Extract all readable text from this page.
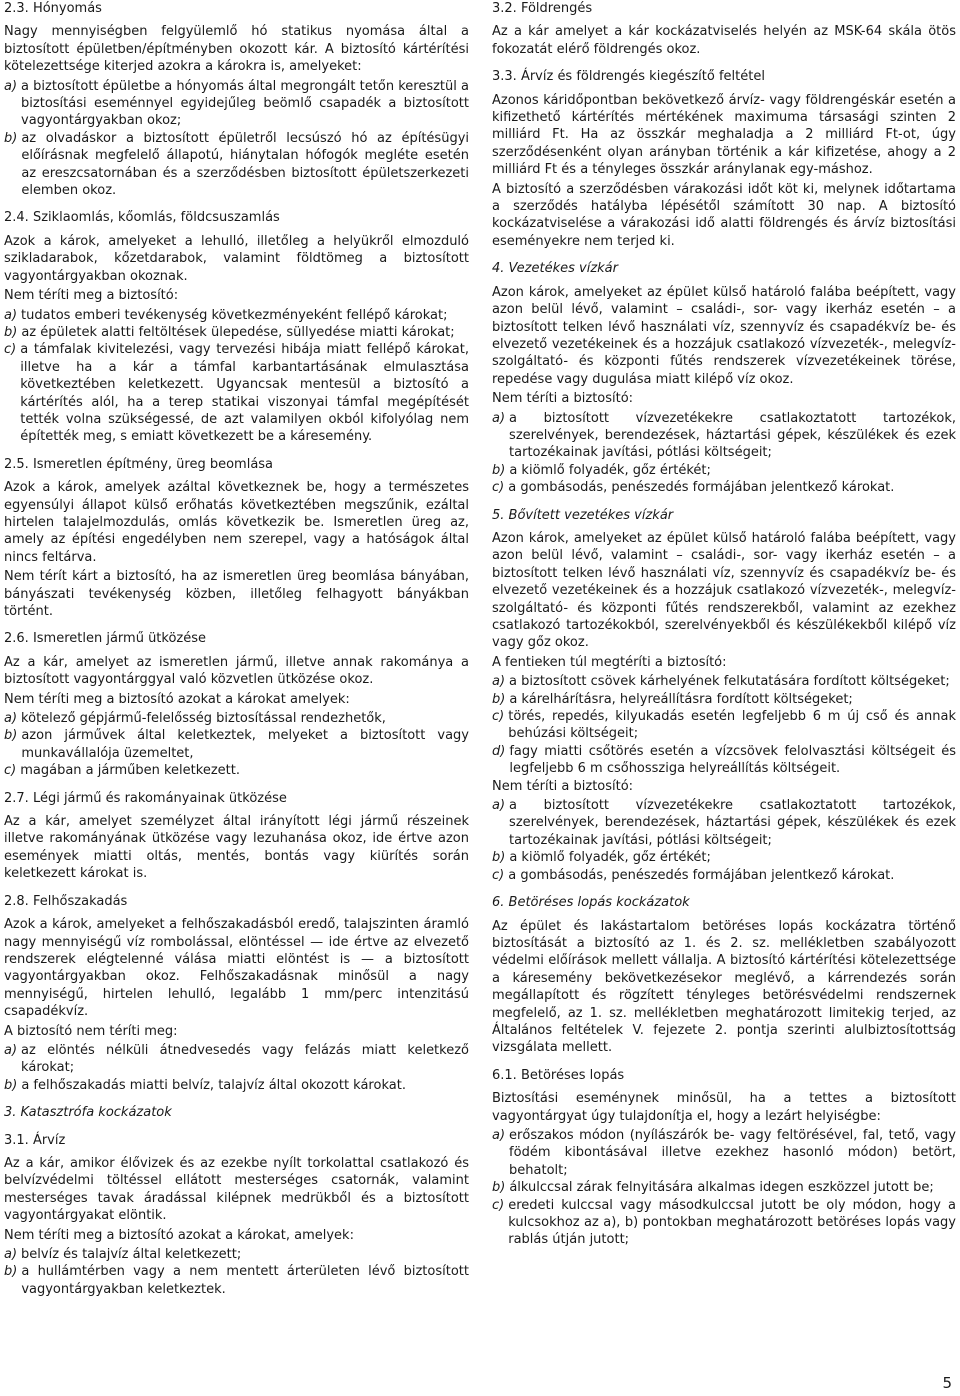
2.3. Hónyomás

Nagy mennyiségben felgyülemlő hó statikus nyomása által a biztosított épületben/építményben okozott kár. A biztosító kártérítési kötelezettsége kiterjed azokra a károkra is, amelyeket:

a) a biztosított épületbe a hónyomás által megrongált tetőn keresztül a biztosítási eseménnyel egyidejűleg beömlő csapadék a biztosított vagyontárgyakban okoz;
b) az olvadáskor a biztosított épületről lecsúszó hó az építésügyi előírásnak megfelelő állapotú, hiánytalan hófogók megléte esetén az ereszcsatornában és a szerződésben biztosított épületszerkezeti elemben okoz.
2.4. Sziklaomlás, kőomlás, földcsuszamlás

Azok a károk, amelyeket a lehulló, illetőleg a helyükről elmozduló szikladarabok, kőzetdarabok, valamint földtömeg a biztosított vagyontárgyakban okoznak.

Nem téríti meg a biztosító:

a) tudatos emberi tevékenység következményeként fellépő károkat;
b) az épületek alatti feltöltések ülepedése, süllyedése miatti károkat;
c) a támfalak kivitelezési, vagy tervezési hibája miatt fellépő károkat, illetve ha a kár a támfal karbantartásának elmulasztása következtében keletkezett. Ugyancsak mentesül a biztosító a kártérítés alól, ha a terep statikai viszonyai támfal megépítését tették volna szükségessé, de azt valamilyen okból kifolyólag nem építették meg, s emiatt következett be a káresemény.
2.5. Ismeretlen építmény, üreg beomlása

Azok a károk, amelyek azáltal következnek be, hogy a természetes egyensúlyi állapot külső erőhatás következtében megszűnik, ezáltal hirtelen talajelmozdulás, omlás következik be. Ismeretlen üreg az, amely az építési engedélyben nem szerepel, vagy a hatóságok által nincs feltárva.

Nem térít kárt a biztosító, ha az ismeretlen üreg beomlása bányában, bányászati tevékenység közben, illetőleg felhagyott bányákban történt.

2.6. Ismeretlen jármű ütközése

Az a kár, amelyet az ismeretlen jármű, illetve annak rakománya a biztosított vagyontárggyal való közvetlen ütközése okoz.

Nem téríti meg a biztosító azokat a károkat amelyek:

a) kötelező gépjármű-felelősség biztosítással rendezhetők,
b) azon járművek által keletkeztek, melyeket a biztosított vagy munkavállalója üzemeltet,
c) magában a járműben keletkezett.
2.7. Légi jármű és rakományainak ütközése

Az a kár, amelyet személyzet által irányított légi jármű részeinek illetve rakományának ütközése vagy lezuhanása okoz, ide értve azon események miatti oltás, mentés, bontás vagy kiürítés során keletkezett károkat is.

2.8. Felhőszakadás

Azok a károk, amelyeket a felhőszakadásból eredő, talajszinten áramló nagy mennyiségű víz rombolással, elöntéssel — ide értve az elvezető rendszerek elégtelenné válása miatti elöntést is — a biztosított vagyontárgyakban okoz. Felhőszakadásnak minősül a nagy mennyiségű, hirtelen lehulló, legalább 1 mm/perc intenzitású csapadékvíz.

A biztosító nem téríti meg:

a) az elöntés nélküli átnedvesedés vagy felázás miatt keletkező károkat;
b) a felhőszakadás miatti belvíz, talajvíz által okozott károkat.
3. Katasztrófa kockázatok
3.1. Árvíz

Az a kár, amikor élővizek és az ezekbe nyílt torkolattal csatlakozó és belvízvédelmi töltéssel ellátott mesterséges csatornák, valamint mesterséges tavak áradással kilépnek medrükből és a biztosított vagyontárgyakat elöntik.

Nem téríti meg a biztosító azokat a károkat, amelyek:

a) belvíz és talajvíz által keletkezett;
b) a hullámtérben vagy a nem mentett árterületen lévő biztosított vagyontárgyakban keletkeztek.
3.2. Földrengés

Az a kár amelyet a kár kockázatviselés helyén az MSK-64 skála ötös fokozatát elérő földrengés okoz.

3.3. Árvíz és földrengés kiegészítő feltétel

Azonos káridőpontban bekövetkező árvíz- vagy földrengéskár esetén a kifizethető kártérítés mértékének maximuma társasági szinten 2 milliárd Ft. Ha az összkár meghaladja a 2 milliárd Ft-ot, úgy szerződésenként olyan arányban történik a kár kifizetése, ahogy a 2 milliárd Ft és a tényleges összkár aránylanak egy-máshoz.

A biztosító a szerződésben várakozási időt köt ki, melynek időtartama a szerződés hatályba lépésétől számított 30 nap. A biztosító kockázatviselése a várakozási idő alatti földrengés és árvíz biztosítási eseményekre nem terjed ki.

4. Vezetékes vízkár

Azon károk, amelyeket az épület külső határoló falába beépített, vagy azon belül lévő, valamint – családi-, sor- vagy ikerház esetén – a biztosított telken lévő használati víz, szennyvíz és csapadékvíz be- és elvezető vezetékeinek és a hozzájuk csatlakozó vízvezeték-, melegvíz-szolgáltató- és központi fűtés rendszerek vízvezetékeinek törése, repedése vagy dugulása miatt kilépő víz okoz.

Nem téríti a biztosító:

a) a biztosított vízvezetékekre csatlakoztatott tartozékok, szerelvények, berendezések, háztartási gépek, készülékek és ezek tartozékainak javítási, pótlási költségeit;
b) a kiömlő folyadék, gőz értékét;
c) a gombásodás, penészedés formájában jelentkező károkat.
5. Bővített vezetékes vízkár

Azon károk, amelyeket az épület külső határoló falába beépített, vagy azon belül lévő, valamint – családi-, sor- vagy ikerház esetén – a biztosított telken lévő használati víz, szennyvíz és csapadékvíz be- és elvezető vezetékeinek és a hozzájuk csatlakozó vízvezeték-, melegvíz-szolgáltató- és központi fűtés rendszerekből, valamint az ezekhez csatlakozó tartozékokból, szerelvényekből és készülékekből kilépő víz vagy gőz okoz.

A fentieken túl megtéríti a biztosító:

a) a biztosított csövek kárhelyének felkutatására fordított költségeket;
b) a kárelhárításra, helyreállításra fordított költségeket;
c) törés, repedés, kilyukadás esetén legfeljebb 6 m új cső és annak behúzási költségeit;
d) fagy miatti csőtörés esetén a vízcsövek felolvasztási költségeit és legfeljebb 6 m csőhossziga helyreállítás költségeit.

Nem téríti a biztosító:

a) a biztosított vízvezetékekre csatlakoztatott tartozékok, szerelvények, berendezések, háztartási gépek, készülékek és ezek tartozékainak javítási, pótlási költségeit;
b) a kiömlő folyadék, gőz értékét;
c) a gombásodás, penészedés formájában jelentkező károkat.
6. Betöréses lopás kockázatok

Az épület és lakástartalom betöréses lopás kockázatra történő biztosítását a biztosító az 1. és 2. sz. mellékletben szabályozott védelmi előírások mellett vállalja. A biztosító kártérítési kötelezettsége a káresemény bekövetkezésekor meglévő, a kárrendezés során megállapított és rögzített tényleges betörésvédelmi rendszernek megfelelő, az 1. sz. mellékletben meghatározott limitekig terjed, az Általános feltételek V. fejezete 2. pontja szerinti alulbiztosítottság vizsgálata mellett.

6.1. Betöréses lopás

Biztosítási eseménynek minősül, ha a tettes a biztosított vagyontárgyat úgy tulajdonítja el, hogy a lezárt helyiségbe:

a) erőszakos módon (nyílászárók be- vagy feltörésével, fal, tető, vagy födém kibontásával illetve ezekhez hasonló módon) betört, behatolt;
b) álkulccsal zárak felnyitására alkalmas idegen eszközzel jutott be;
c) eredeti kulccsal vagy másodkulccsal jutott be oly módon, hogy a kulcsokhoz az a), b) pontokban meghatározott betöréses lopás vagy rablás útján jutott;
5
